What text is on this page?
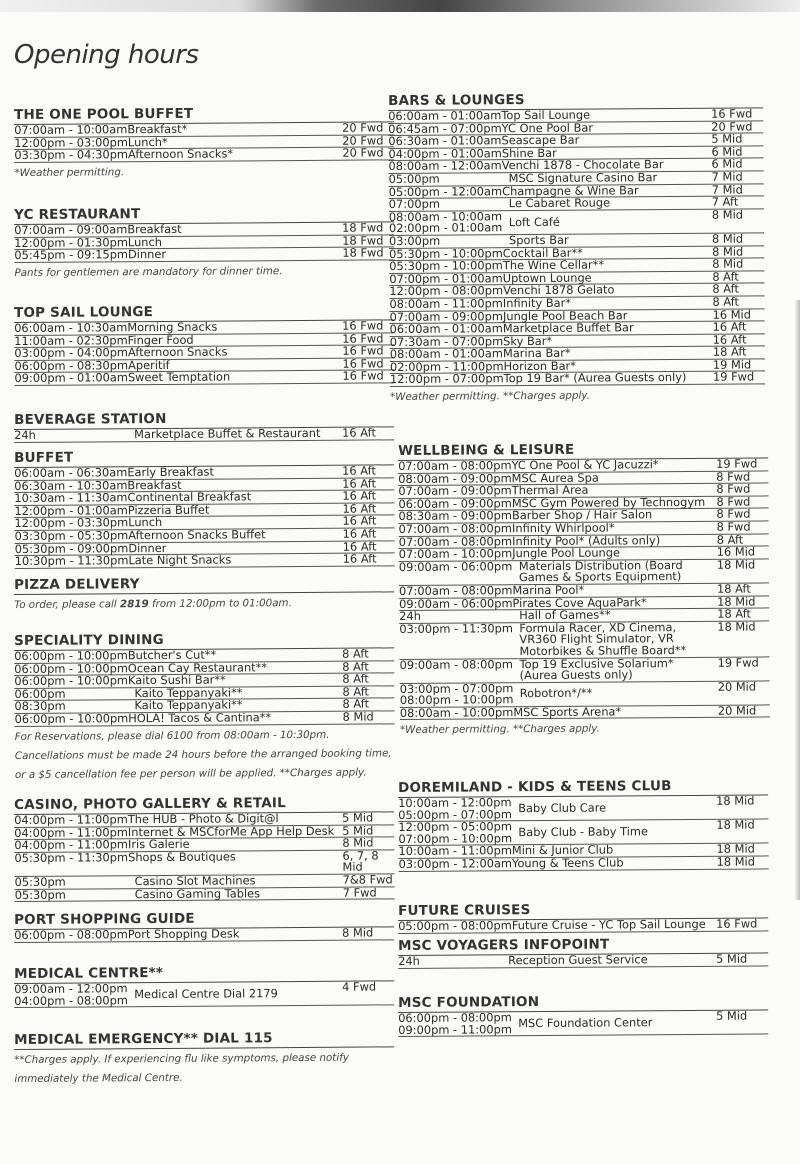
Opening hours
THE ONE POOL BUFFET
07:00am - 10:00am Breakfast*	20 Fwd
12:00pm - 03:00pm Lunch*	20 Fwd
03:30pm - 04:30pm Afternoon Snacks*	20 Fwd
*Weather permitting.
YC RESTAURANT
07:00am - 09:00am Breakfast	18 Fwd
12:00pm - 01:30pm Lunch	18 Fwd
05:45pm - 09:15pm Dinner	18 Fwd
Pants for gentlemen are mandatory for dinner time.
TOP SAIL LOUNGE
06:00am - 10:30am Morning Snacks	16 Fwd
11:00am - 02:30pm Finger Food	16 Fwd
03:00pm - 04:00pm Afternoon Snacks	16 Fwd
06:00pm - 08:30pm Aperitif	16 Fwd
09:00pm - 01:00am Sweet Temptation	16 Fwd
BEVERAGE STATION
24h	Marketplace Buffet & Restaurant	16 Aft
BUFFET
06:00am - 06:30am Early Breakfast	16 Aft
06:30am - 10:30am Breakfast	16 Aft
10:30am - 11:30am Continental Breakfast	16 Aft
12:00pm - 01:00am Pizzeria Buffet	16 Aft
12:00pm - 03:30pm Lunch	16 Aft
03:30pm - 05:30pm Afternoon Snacks Buffet	16 Aft
05:30pm - 09:00pm Dinner	16 Aft
10:30pm - 11:30pm Late Night Snacks	16 Aft
PIZZA DELIVERY
To order, please call 2819 from 12:00pm to 01:00am.
SPECIALITY DINING
06:00pm - 10:00pm Butcher's Cut**	8 Aft
06:00pm - 10:00pm Ocean Cay Restaurant**	8 Aft
06:00pm - 10:00pm Kaito Sushi Bar**	8 Aft
06:00pm	Kaito Teppanyaki**	8 Aft
08:30pm	Kaito Teppanyaki**	8 Aft
06:00pm - 10:00pm HOLA! Tacos & Cantina**	8 Mid
For Reservations, please dial 6100 from 08:00am - 10:30pm. Cancellations must be made 24 hours before the arranged booking time, or a $5 cancellation fee per person will be applied. **Charges apply.
CASINO, PHOTO GALLERY & RETAIL
04:00pm - 11:00pm The HUB - Photo & Digit@l	5 Mid
04:00pm - 11:00pm Internet & MSCforMe App Help Desk 5 Mid
04:00pm - 11:00pm Iris Galerie	8 Mid
05:30pm - 11:30pm Shops & Boutiques	6, 7, 8 Mid
05:30pm	Casino Slot Machines	7&8 Fwd
05:30pm	Casino Gaming Tables	7 Fwd
PORT SHOPPING GUIDE
06:00pm - 08:00pm Port Shopping Desk	8 Mid
MEDICAL CENTRE**
09:00am - 12:00pm
04:00pm - 08:00pm Medical Centre Dial 2179	4 Fwd
MEDICAL EMERGENCY** DIAL 115
**Charges apply. If experiencing flu like symptoms, please notify immediately the Medical Centre.
BARS & LOUNGES
06:00am - 01:00am Top Sail Lounge	16 Fwd
06:45am - 07:00pm YC One Pool Bar	20 Fwd
06:30am - 01:00am Seascape Bar	5 Mid
04:00pm - 01:00am Shine Bar	6 Mid
08:00am - 12:00am Venchi 1878 - Chocolate Bar	6 Mid
05:00pm	MSC Signature Casino Bar	7 Mid
05:00pm - 12:00am Champagne & Wine Bar	7 Mid
07:00pm	Le Cabaret Rouge	7 Aft
08:00am - 10:00am
02:00pm - 01:00am Loft Café	8 Mid
03:00pm	Sports Bar	8 Mid
05:30pm - 10:00pm Cocktail Bar**	8 Mid
05:30pm - 10:00pm The Wine Cellar**	8 Mid
07:00pm - 01:00am Uptown Lounge	8 Aft
12:00pm - 08:00pm Venchi 1878 Gelato	8 Aft
08:00am - 11:00pm Infinity Bar*	8 Aft
07:00am - 09:00pm Jungle Pool Beach Bar	16 Mid
06:00am - 01:00am Marketplace Buffet Bar	16 Aft
07:30am - 07:00pm Sky Bar*	16 Aft
08:00am - 01:00am Marina Bar*	18 Aft
02:00pm - 11:00pm Horizon Bar*	19 Mid
12:00pm - 07:00pm Top 19 Bar* (Aurea Guests only)	19 Fwd
*Weather permitting. **Charges apply.
WELLBEING & LEISURE
07:00am - 08:00pm YC One Pool & YC Jacuzzi*	19 Fwd
08:00am - 09:00pm MSC Aurea Spa	8 Fwd
07:00am - 09:00pm Thermal Area	8 Fwd
06:00am - 09:00pm MSC Gym Powered by Technogym 8 Fwd
08:30am - 09:00pm Barber Shop / Hair Salon	8 Fwd
07:00am - 08:00pm Infinity Whirlpool*	8 Fwd
07:00am - 08:00pm Infinity Pool* (Adults only)	8 Aft
07:00am - 10:00pm Jungle Pool Lounge	16 Mid
09:00am - 06:00pm Materials Distribution (Board Games & Sports Equipment)
18 Mid
07:00am - 08:00pm Marina Pool*	18 Aft
09:00am - 06:00pm Pirates Cove AquaPark*	18 Mid
24h	Hall of Games**	18 Aft
03:00pm - 11:30pm Formula Racer, XD Cinema, VR360 Flight Simulator, VR Motorbikes & Shuffle Board**
18 Mid
09:00am - 08:00pm Top 19 Exclusive Solarium* (Aurea Guests only)
19 Fwd
03:00pm - 07:00pm
08:00pm - 10:00pm Robotron*/**	20 Mid
08:00am - 10:00pm MSC Sports Arena*	20 Mid
*Weather permitting. **Charges apply.
DOREMILAND - KIDS & TEENS CLUB
10:00am - 12:00pm
05:00pm - 07:00pm Baby Club Care	18 Mid
12:00pm - 05:00pm
07:00pm - 10:00pm Baby Club - Baby Time	18 Mid
10:00am - 11:00pm Mini & Junior Club	18 Mid
03:00pm - 12:00am Young & Teens Club	18 Mid
FUTURE CRUISES
05:00pm - 08:00pm Future Cruise - YC Top Sail Lounge 16 Fwd
MSC VOYAGERS INFOPOINT
24h	Reception Guest Service	5 Mid
MSC FOUNDATION
06:00pm - 08:00pm
09:00pm - 11:00pm MSC Foundation Center	5 Mid
